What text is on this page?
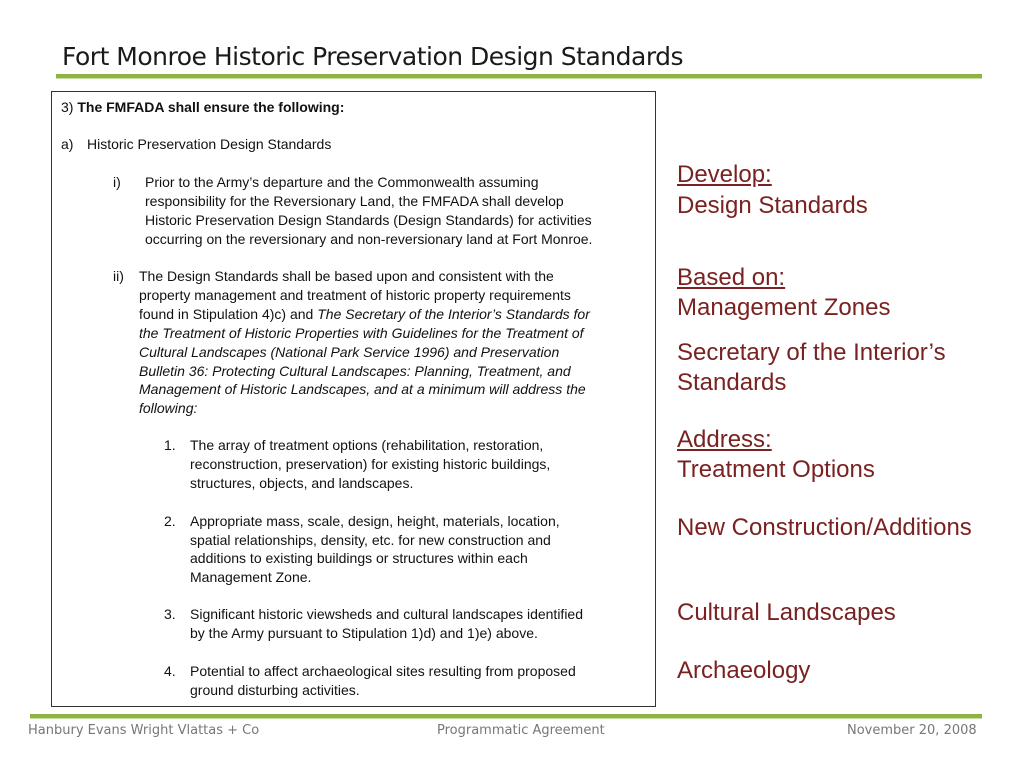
Fort Monroe Historic Preservation Design Standards
3) The FMFADA shall ensure the following:
a) Historic Preservation Design Standards
i) Prior to the Army’s departure and the Commonwealth assuming
responsibility for the Reversionary Land, the FMFADA shall develop
Historic Preservation Design Standards (Design Standards) for activities
occurring on the reversionary and non-reversionary land at Fort Monroe.
ii) The Design Standards shall be based upon and consistent with the
property management and treatment of historic property requirements
found in Stipulation 4)c) and The Secretary of the Interior’s Standards for
the Treatment of Historic Properties with Guidelines for the Treatment of
Cultural Landscapes (National Park Service 1996) and Preservation
Bulletin 36: Protecting Cultural Landscapes: Planning, Treatment, and
Management of Historic Landscapes, and at a minimum will address the
following:
1. The array of treatment options (rehabilitation, restoration,
reconstruction, preservation) for existing historic buildings,
structures, objects, and landscapes.
2. Appropriate mass, scale, design, height, materials, location,
spatial relationships, density, etc. for new construction and
additions to existing buildings or structures within each
Management Zone.
3. Significant historic viewsheds and cultural landscapes identified
by the Army pursuant to Stipulation 1)d) and 1)e) above.
4. Potential to affect archaeological sites resulting from proposed
ground disturbing activities.
Develop:
Design Standards
Based on:
Management Zones
Secretary of the Interior’s
Standards
Address:
Treatment Options
New Construction/Additions
Cultural Landscapes
Archaeology
Hanbury Evans Wright Vlattas + Co	Programmatic Agreement	November 20, 2008
